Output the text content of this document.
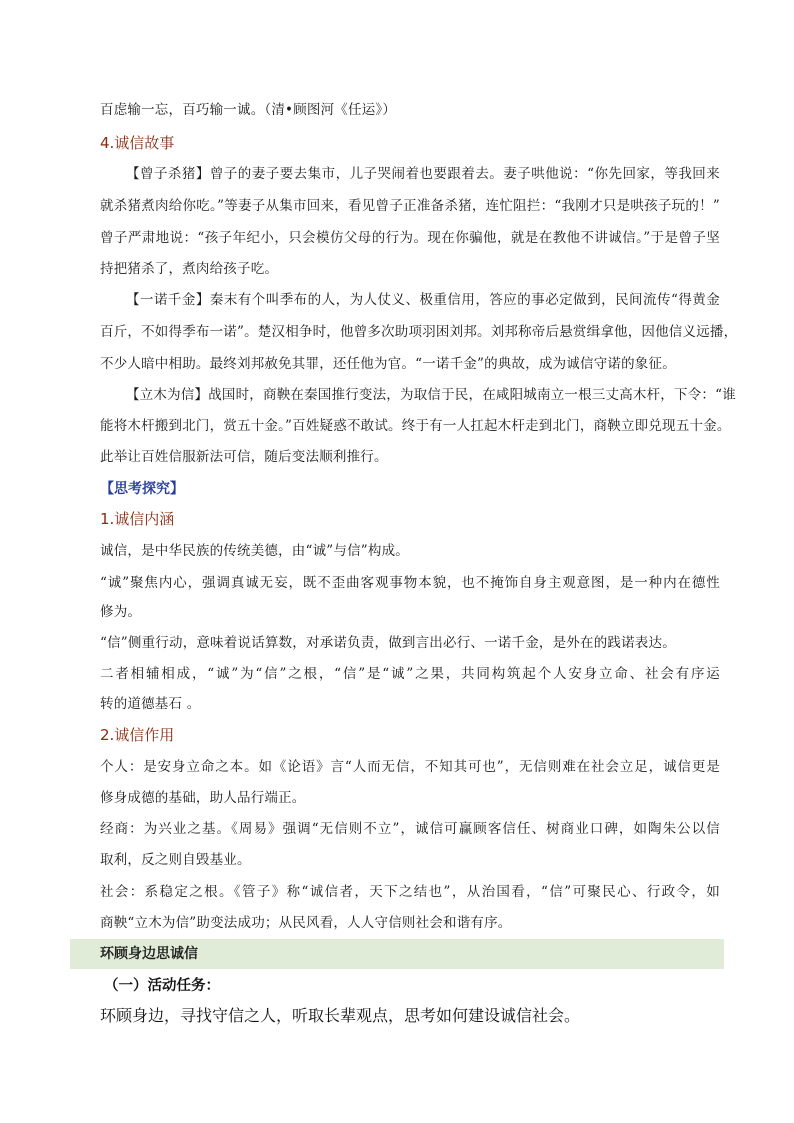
百虑输一忘，百巧输一诚。（清•顾图河《任运》）
4.诚信故事
【曾子杀猪】曾子的妻子要去集市，儿子哭闹着也要跟着去。妻子哄他说：“你先回家，等我回来
就杀猪煮肉给你吃。”等妻子从集市回来，看见曾子正准备杀猪，连忙阻拦：“我刚才只是哄孩子玩的！”
曾子严肃地说：“孩子年纪小，只会模仿父母的行为。现在你骗他，就是在教他不讲诚信。”于是曾子坚
持把猪杀了，煮肉给孩子吃。
【一诺千金】秦末有个叫季布的人，为人仗义、极重信用，答应的事必定做到，民间流传“得黄金
百斤，不如得季布一诺”。楚汉相争时，他曾多次助项羽困刘邦。刘邦称帝后悬赏缉拿他，因他信义远播，
不少人暗中相助。最终刘邦赦免其罪，还任他为官。“一诺千金”的典故，成为诚信守诺的象征。
【立木为信】战国时，商鞅在秦国推行变法，为取信于民，在咸阳城南立一根三丈高木杆，下令：“谁
能将木杆搬到北门，赏五十金。”百姓疑惑不敢试。终于有一人扛起木杆走到北门，商鞅立即兑现五十金。
此举让百姓信服新法可信，随后变法顺利推行。
【思考探究】
1.诚信内涵
诚信，是中华民族的传统美德，由“诚”与信”构成。
“诚”聚焦内心，强调真诚无妄，既不歪曲客观事物本貌，也不掩饰自身主观意图，是一种内在德性
修为。
“信”侧重行动，意味着说话算数，对承诺负责，做到言出必行、一诺千金，是外在的践诺表达。
二者相辅相成，“诚”为“信”之根，“信”是“诚”之果，共同构筑起个人安身立命、社会有序运
转的道德基石 。
2.诚信作用
个人：是安身立命之本。如《论语》言“人而无信，不知其可也”，无信则难在社会立足，诚信更是
修身成德的基础，助人品行端正。
经商：为兴业之基。《周易》强调“无信则不立”，诚信可赢顾客信任、树商业口碑，如陶朱公以信
取利，反之则自毁基业。
社会：系稳定之根。《管子》称“诚信者，天下之结也”，从治国看，“信”可聚民心、行政令，如
商鞅“立木为信”助变法成功；从民风看，人人守信则社会和谐有序。
环顾身边思诚信
（一）活动任务：
环顾身边，寻找守信之人，听取长辈观点，思考如何建设诚信社会。
